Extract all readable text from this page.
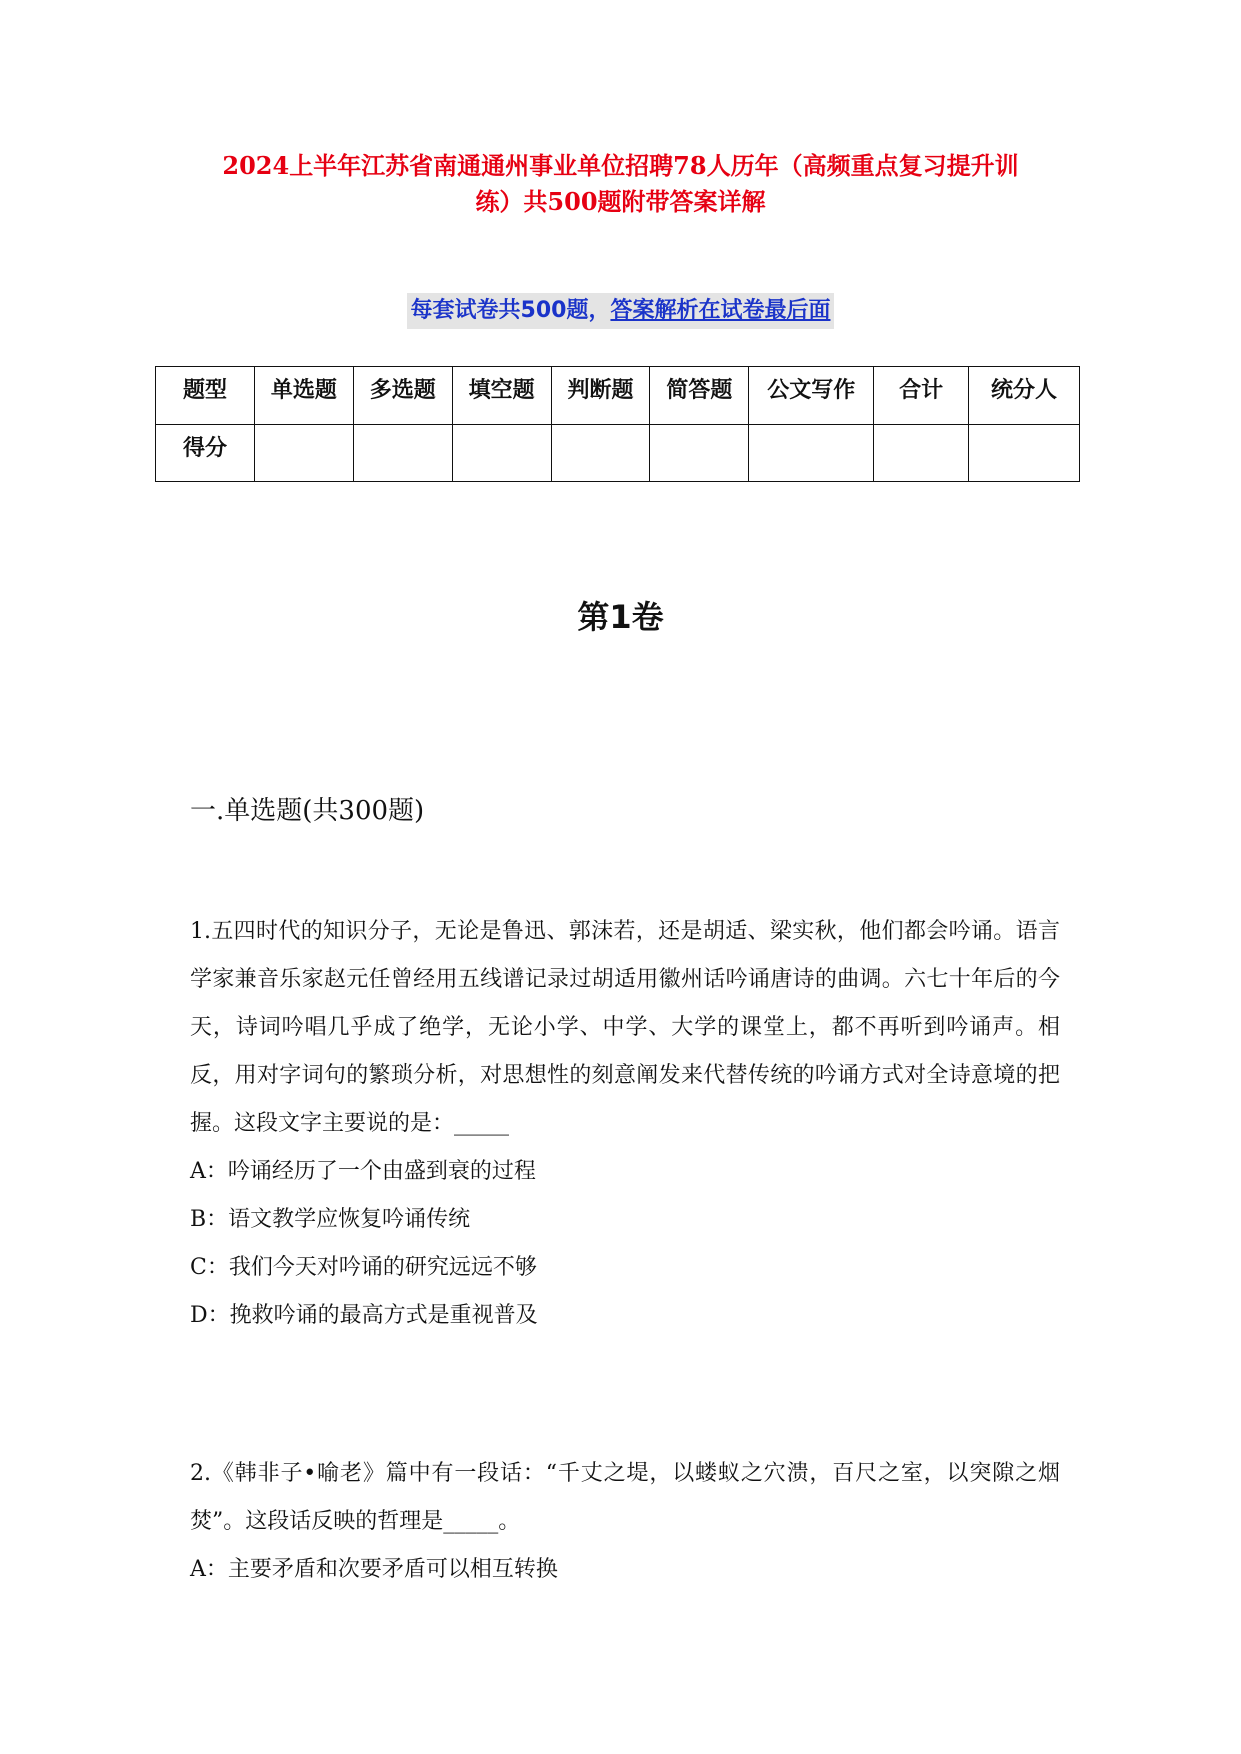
2024上半年江苏省南通通州事业单位招聘78人历年（高频重点复习提升训
练）共500题附带答案详解
每套试卷共500题，答案解析在试卷最后面
题型	单选题	多选题	填空题	判断题	简答题	公文写作	合计	统分人
得分								
第1卷
一.单选题(共300题)

1.五四时代的知识分子，无论是鲁迅、郭沫若，还是胡适、梁实秋，他们都会吟诵。语言学家兼音乐家赵元任曾经用五线谱记录过胡适用徽州话吟诵唐诗的曲调。六七十年后的今天，诗词吟唱几乎成了绝学，无论小学、中学、大学的课堂上，都不再听到吟诵声。相反，用对字词句的繁琐分析，对思想性的刻意阐发来代替传统的吟诵方式对全诗意境的把握。这段文字主要说的是：_____

A：吟诵经历了一个由盛到衰的过程

B：语文教学应恢复吟诵传统

C：我们今天对吟诵的研究远远不够

D：挽救吟诵的最高方式是重视普及

2.《韩非子•喻老》篇中有一段话：“千丈之堤，以蝼蚁之穴溃，百尺之室，以突隙之烟焚”。这段话反映的哲理是_____。

A：主要矛盾和次要矛盾可以相互转换
